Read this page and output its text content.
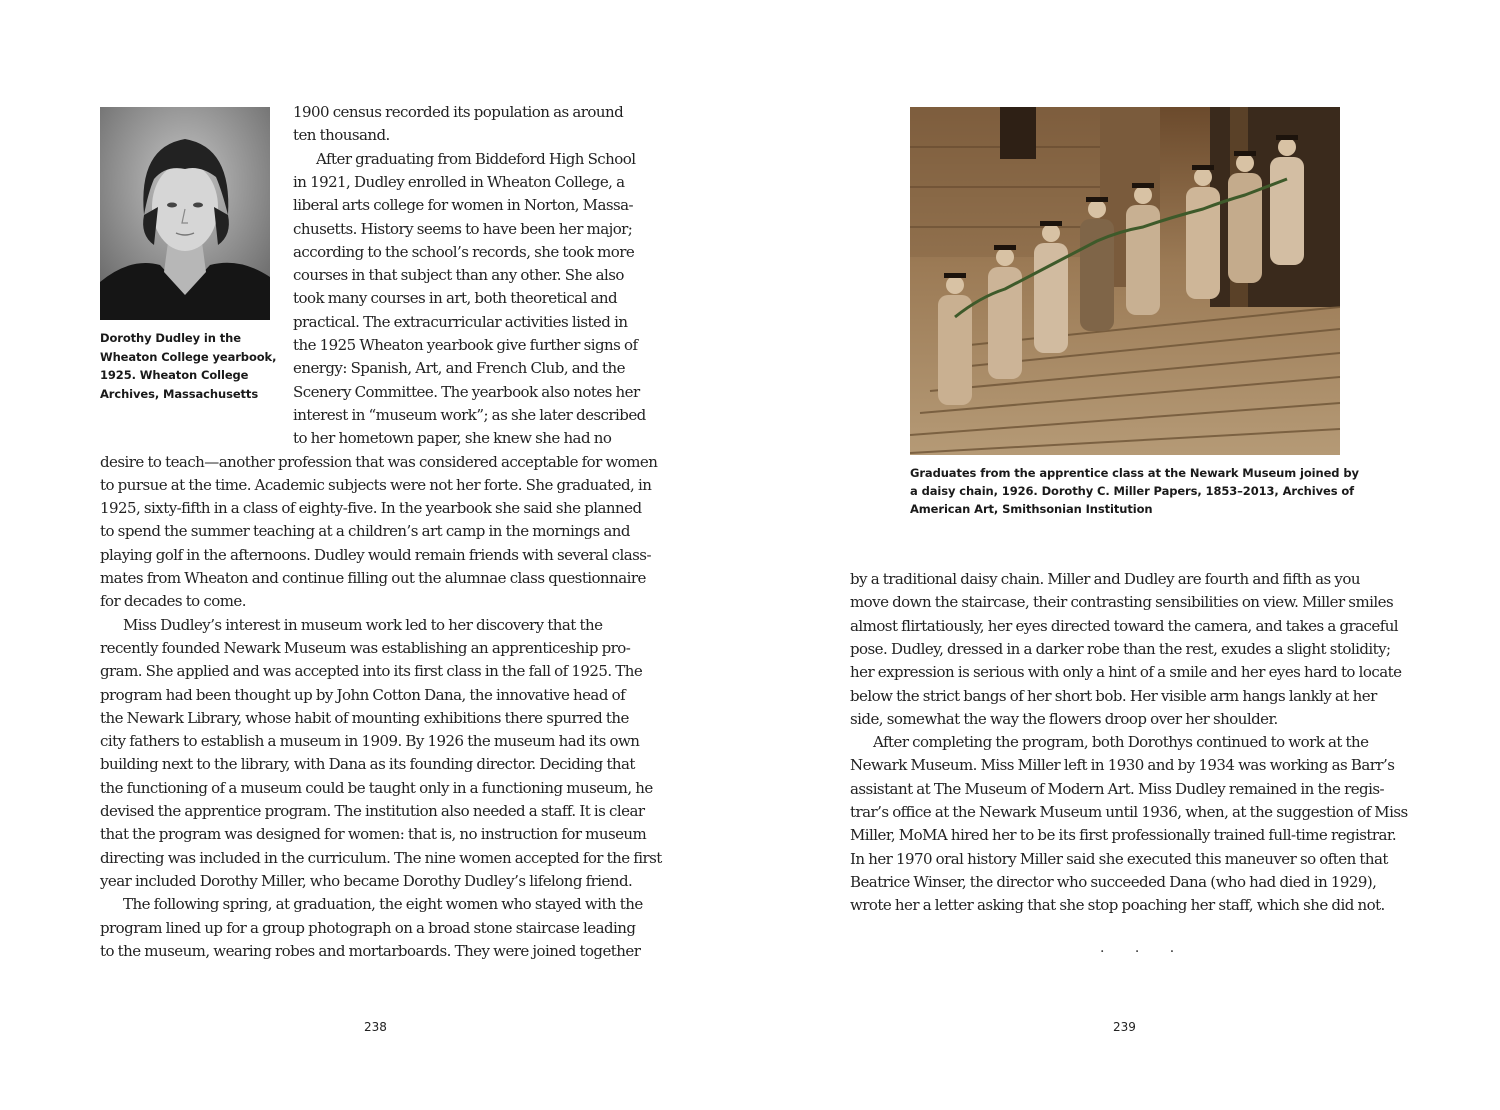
Dorothy Dudley in the
Wheaton College yearbook,
1925. Wheaton College
Archives, Massachusetts
1900 census recorded its population as around
ten thousand.
After graduating from Biddeford High School
in 1921, Dudley enrolled in Wheaton College, a
liberal arts college for women in Norton, Massa-
chusetts. History seems to have been her major;
according to the school’s records, she took more
courses in that subject than any other. She also
took many courses in art, both theoretical and
practical. The extracurricular activities listed in
the 1925 Wheaton yearbook give further signs of
energy: Spanish, Art, and French Club, and the
Scenery Committee. The yearbook also notes her
interest in “museum work”; as she later described
to her hometown paper, she knew she had no
desire to teach—another profession that was considered acceptable for women
to pursue at the time. Academic subjects were not her forte. She graduated, in
1925, sixty-fifth in a class of eighty-five. In the yearbook she said she planned
to spend the summer teaching at a children’s art camp in the mornings and
playing golf in the afternoons. Dudley would remain friends with several class-
mates from Wheaton and continue filling out the alumnae class questionnaire
for decades to come.
Miss Dudley’s interest in museum work led to her discovery that the
recently founded Newark Museum was establishing an apprenticeship pro-
gram. She applied and was accepted into its first class in the fall of 1925. The
program had been thought up by John Cotton Dana, the innovative head of
the Newark Library, whose habit of mounting exhibitions there spurred the
city fathers to establish a museum in 1909. By 1926 the museum had its own
building next to the library, with Dana as its founding director. Deciding that
the functioning of a museum could be taught only in a functioning museum, he
devised the apprentice program. The institution also needed a staff. It is clear
that the program was designed for women: that is, no instruction for museum
directing was included in the curriculum. The nine women accepted for the first
year included Dorothy Miller, who became Dorothy Dudley’s lifelong friend.
The following spring, at graduation, the eight women who stayed with the
program lined up for a group photograph on a broad stone staircase leading
to the museum, wearing robes and mortarboards. They were joined together
238
Graduates from the apprentice class at the Newark Museum joined by
a daisy chain, 1926. Dorothy C. Miller Papers, 1853–2013, Archives of
American Art, Smithsonian Institution
by a traditional daisy chain. Miller and Dudley are fourth and fifth as you
move down the staircase, their contrasting sensibilities on view. Miller smiles
almost flirtatiously, her eyes directed toward the camera, and takes a graceful
pose. Dudley, dressed in a darker robe than the rest, exudes a slight stolidity;
her expression is serious with only a hint of a smile and her eyes hard to locate
below the strict bangs of her short bob. Her visible arm hangs lankly at her
side, somewhat the way the flowers droop over her shoulder.
After completing the program, both Dorothys continued to work at the
Newark Museum. Miss Miller left in 1930 and by 1934 was working as Barr’s
assistant at The Museum of Modern Art. Miss Dudley remained in the regis-
trar’s office at the Newark Museum until 1936, when, at the suggestion of Miss
Miller, MoMA hired her to be its first professionally trained full-time registrar.
In her 1970 oral history Miller said she executed this maneuver so often that
Beatrice Winser, the director who succeeded Dana (who had died in 1929),
wrote her a letter asking that she stop poaching her staff, which she did not.
· · ·
239
